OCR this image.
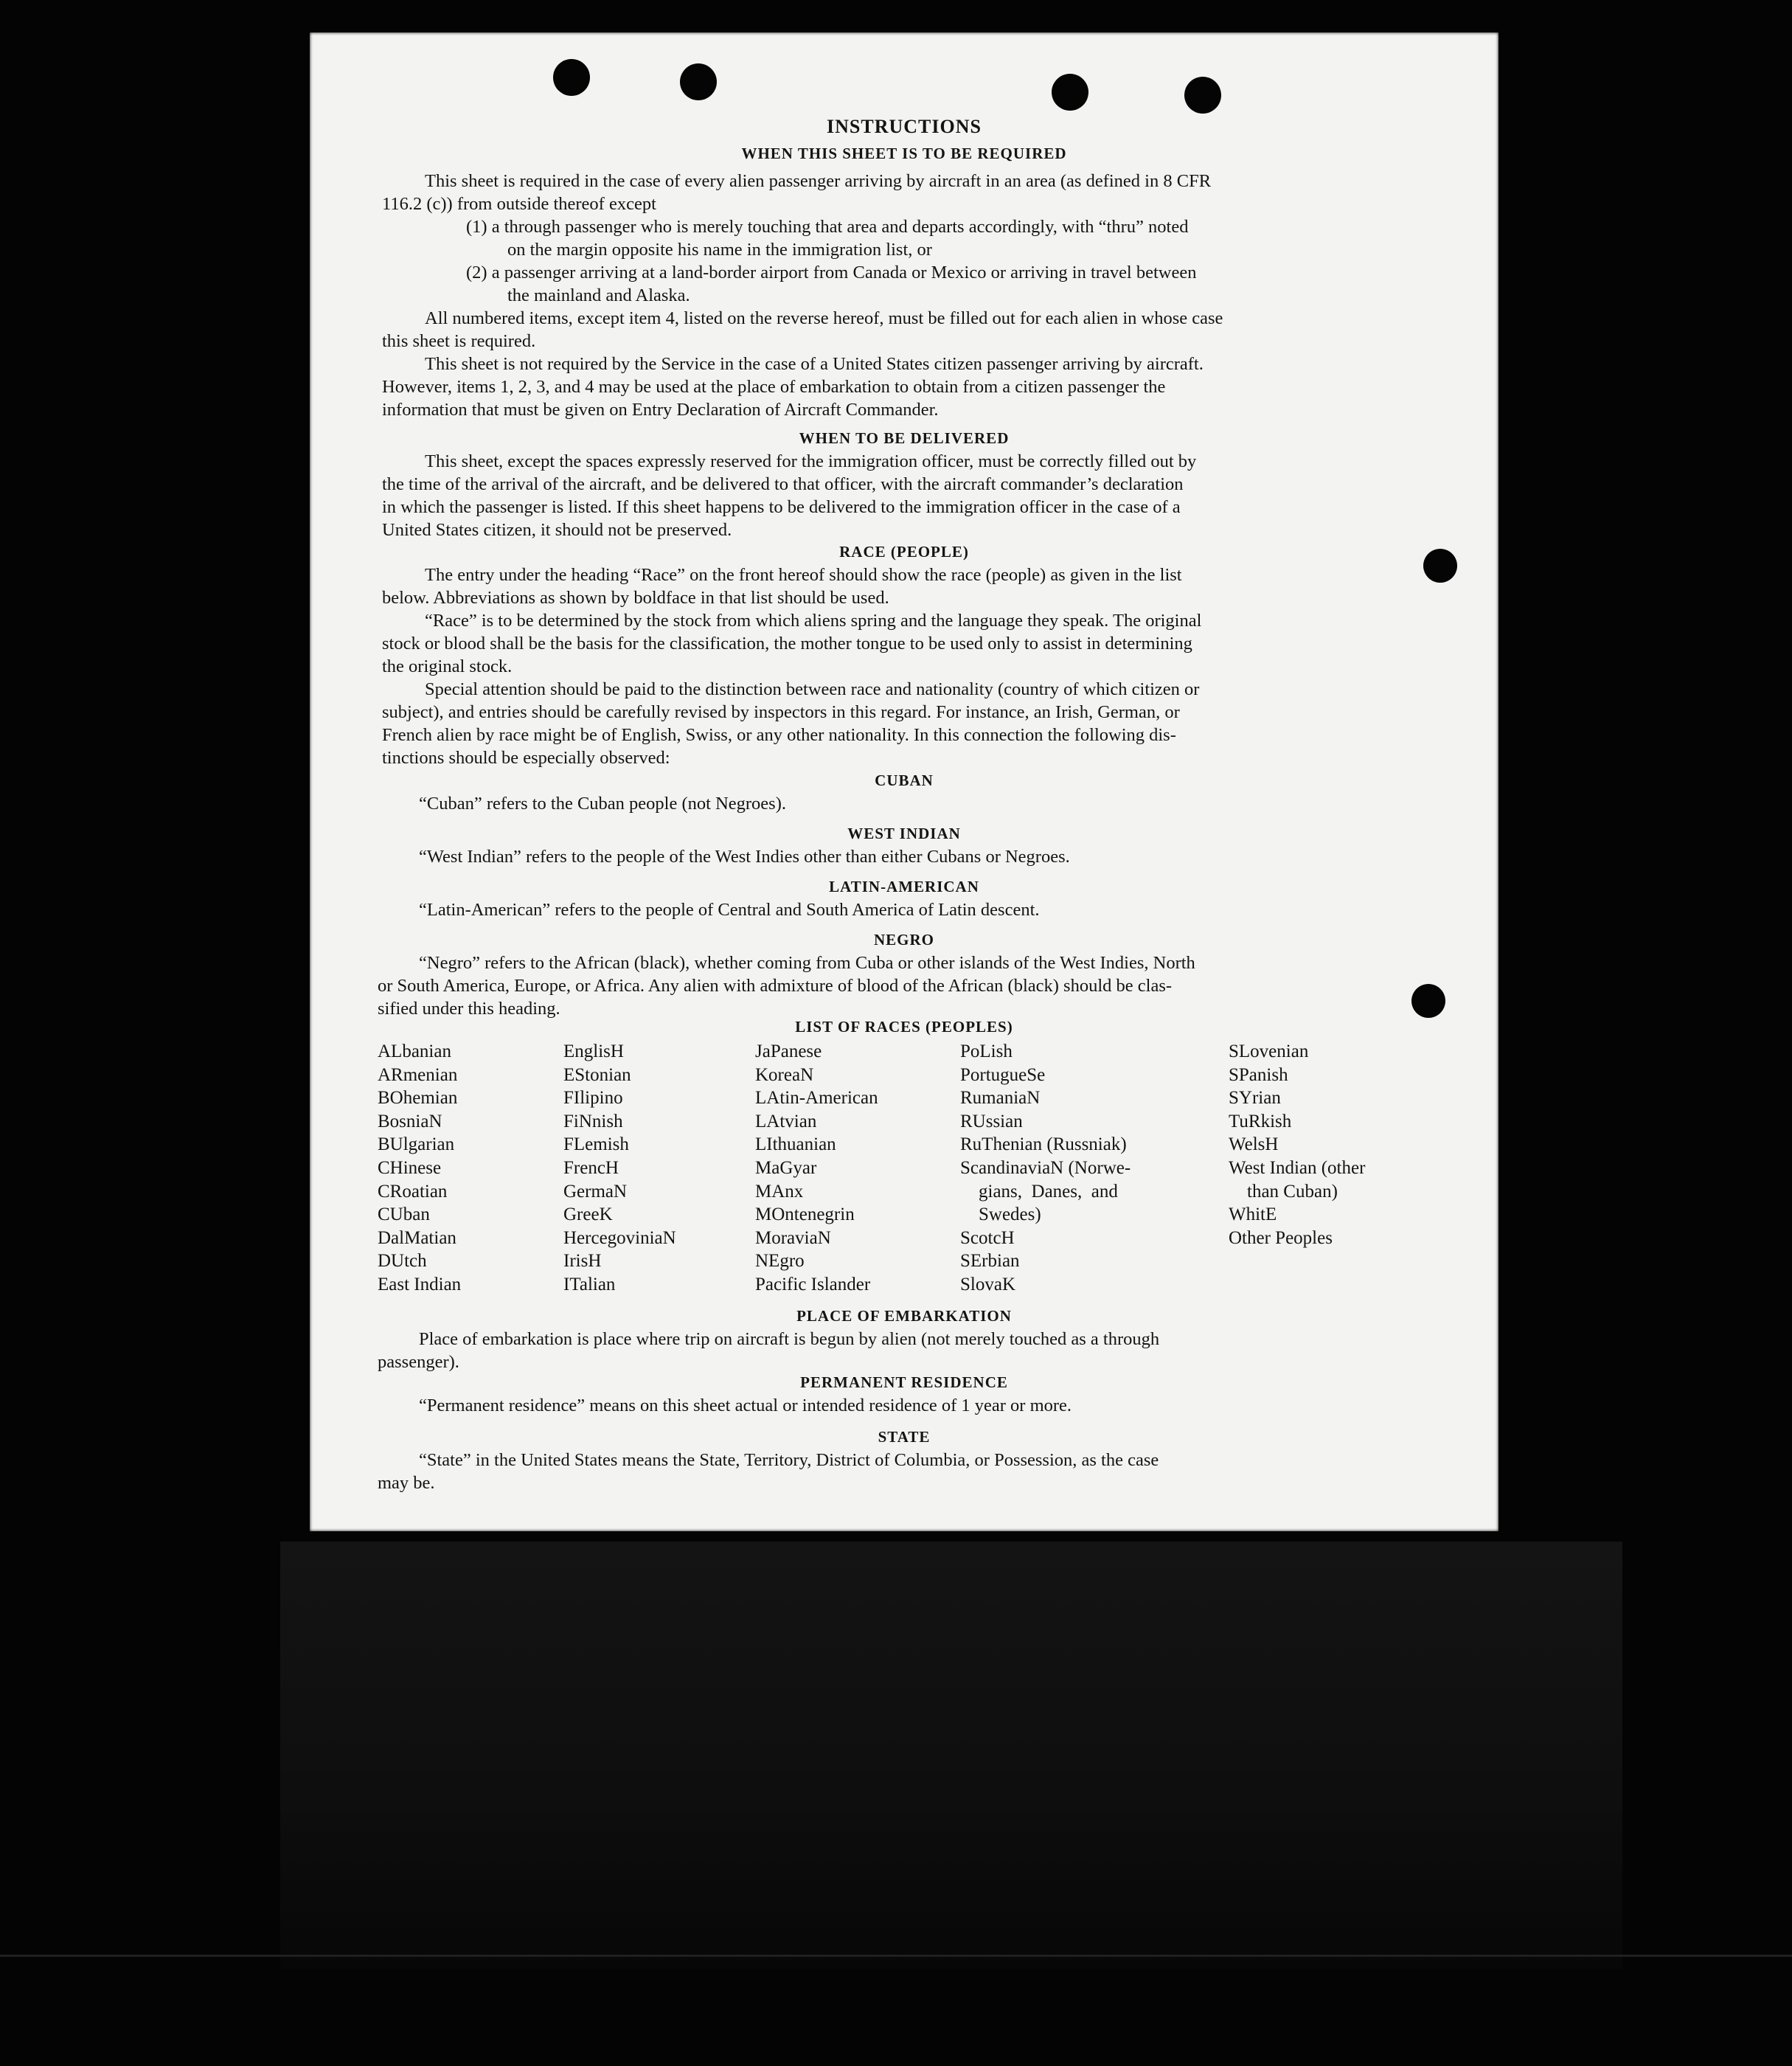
INSTRUCTIONS
WHEN THIS SHEET IS TO BE REQUIRED
This sheet is required in the case of every alien passenger arriving by aircraft in an area (as defined in 8 CFR
116.2 (c)) from outside thereof except
(1) a through passenger who is merely touching that area and departs accordingly, with “thru” noted
on the margin opposite his name in the immigration list, or
(2) a passenger arriving at a land-border airport from Canada or Mexico or arriving in travel between
the mainland and Alaska.
All numbered items, except item 4, listed on the reverse hereof, must be filled out for each alien in whose case
this sheet is required.
This sheet is not required by the Service in the case of a United States citizen passenger arriving by aircraft.
However, items 1, 2, 3, and 4 may be used at the place of embarkation to obtain from a citizen passenger the
information that must be given on Entry Declaration of Aircraft Commander.
WHEN TO BE DELIVERED
This sheet, except the spaces expressly reserved for the immigration officer, must be correctly filled out by
the time of the arrival of the aircraft, and be delivered to that officer, with the aircraft commander’s declaration
in which the passenger is listed. If this sheet happens to be delivered to the immigration officer in the case of a
United States citizen, it should not be preserved.
RACE (PEOPLE)
The entry under the heading “Race” on the front hereof should show the race (people) as given in the list
below. Abbreviations as shown by boldface in that list should be used.
“Race” is to be determined by the stock from which aliens spring and the language they speak. The original
stock or blood shall be the basis for the classification, the mother tongue to be used only to assist in determining
the original stock.
Special attention should be paid to the distinction between race and nationality (country of which citizen or
subject), and entries should be carefully revised by inspectors in this regard. For instance, an Irish, German, or
French alien by race might be of English, Swiss, or any other nationality. In this connection the following dis-
tinctions should be especially observed:
CUBAN
“Cuban” refers to the Cuban people (not Negroes).
WEST INDIAN
“West Indian” refers to the people of the West Indies other than either Cubans or Negroes.
LATIN-AMERICAN
“Latin-American” refers to the people of Central and South America of Latin descent.
NEGRO
“Negro” refers to the African (black), whether coming from Cuba or other islands of the West Indies, North
or South America, Europe, or Africa. Any alien with admixture of blood of the African (black) should be clas-
sified under this heading.
LIST OF RACES (PEOPLES)
ALbanian
ARmenian
BOhemian
BosniaN
BUlgarian
CHinese
CRoatian
CUban
DalMatian
DUtch
East Indian
EnglisH
EStonian
FIlipino
FiNnish
FLemish
FrencH
GermaN
GreeK
HercegoviniaN
IrisH
ITalian
JaPanese
KoreaN
LAtin-American
LAtvian
LIthuanian
MaGyar
MAnx
MOntenegrin
MoraviaN
NEgro
Pacific Islander
PoLish
PortugueSe
RumaniaN
RUssian
RuThenian (Russniak)
ScandinaviaN (Norwe-
gians,  Danes,  and
Swedes)
ScotcH
SErbian
SlovaK
SLovenian
SPanish
SYrian
TuRkish
WelsH
West Indian (other
than Cuban)
WhitE
Other Peoples
PLACE OF EMBARKATION
Place of embarkation is place where trip on aircraft is begun by alien (not merely touched as a through
passenger).
PERMANENT RESIDENCE
“Permanent residence” means on this sheet actual or intended residence of 1 year or more.
STATE
“State” in the United States means the State, Territory, District of Columbia, or Possession, as the case
may be.
